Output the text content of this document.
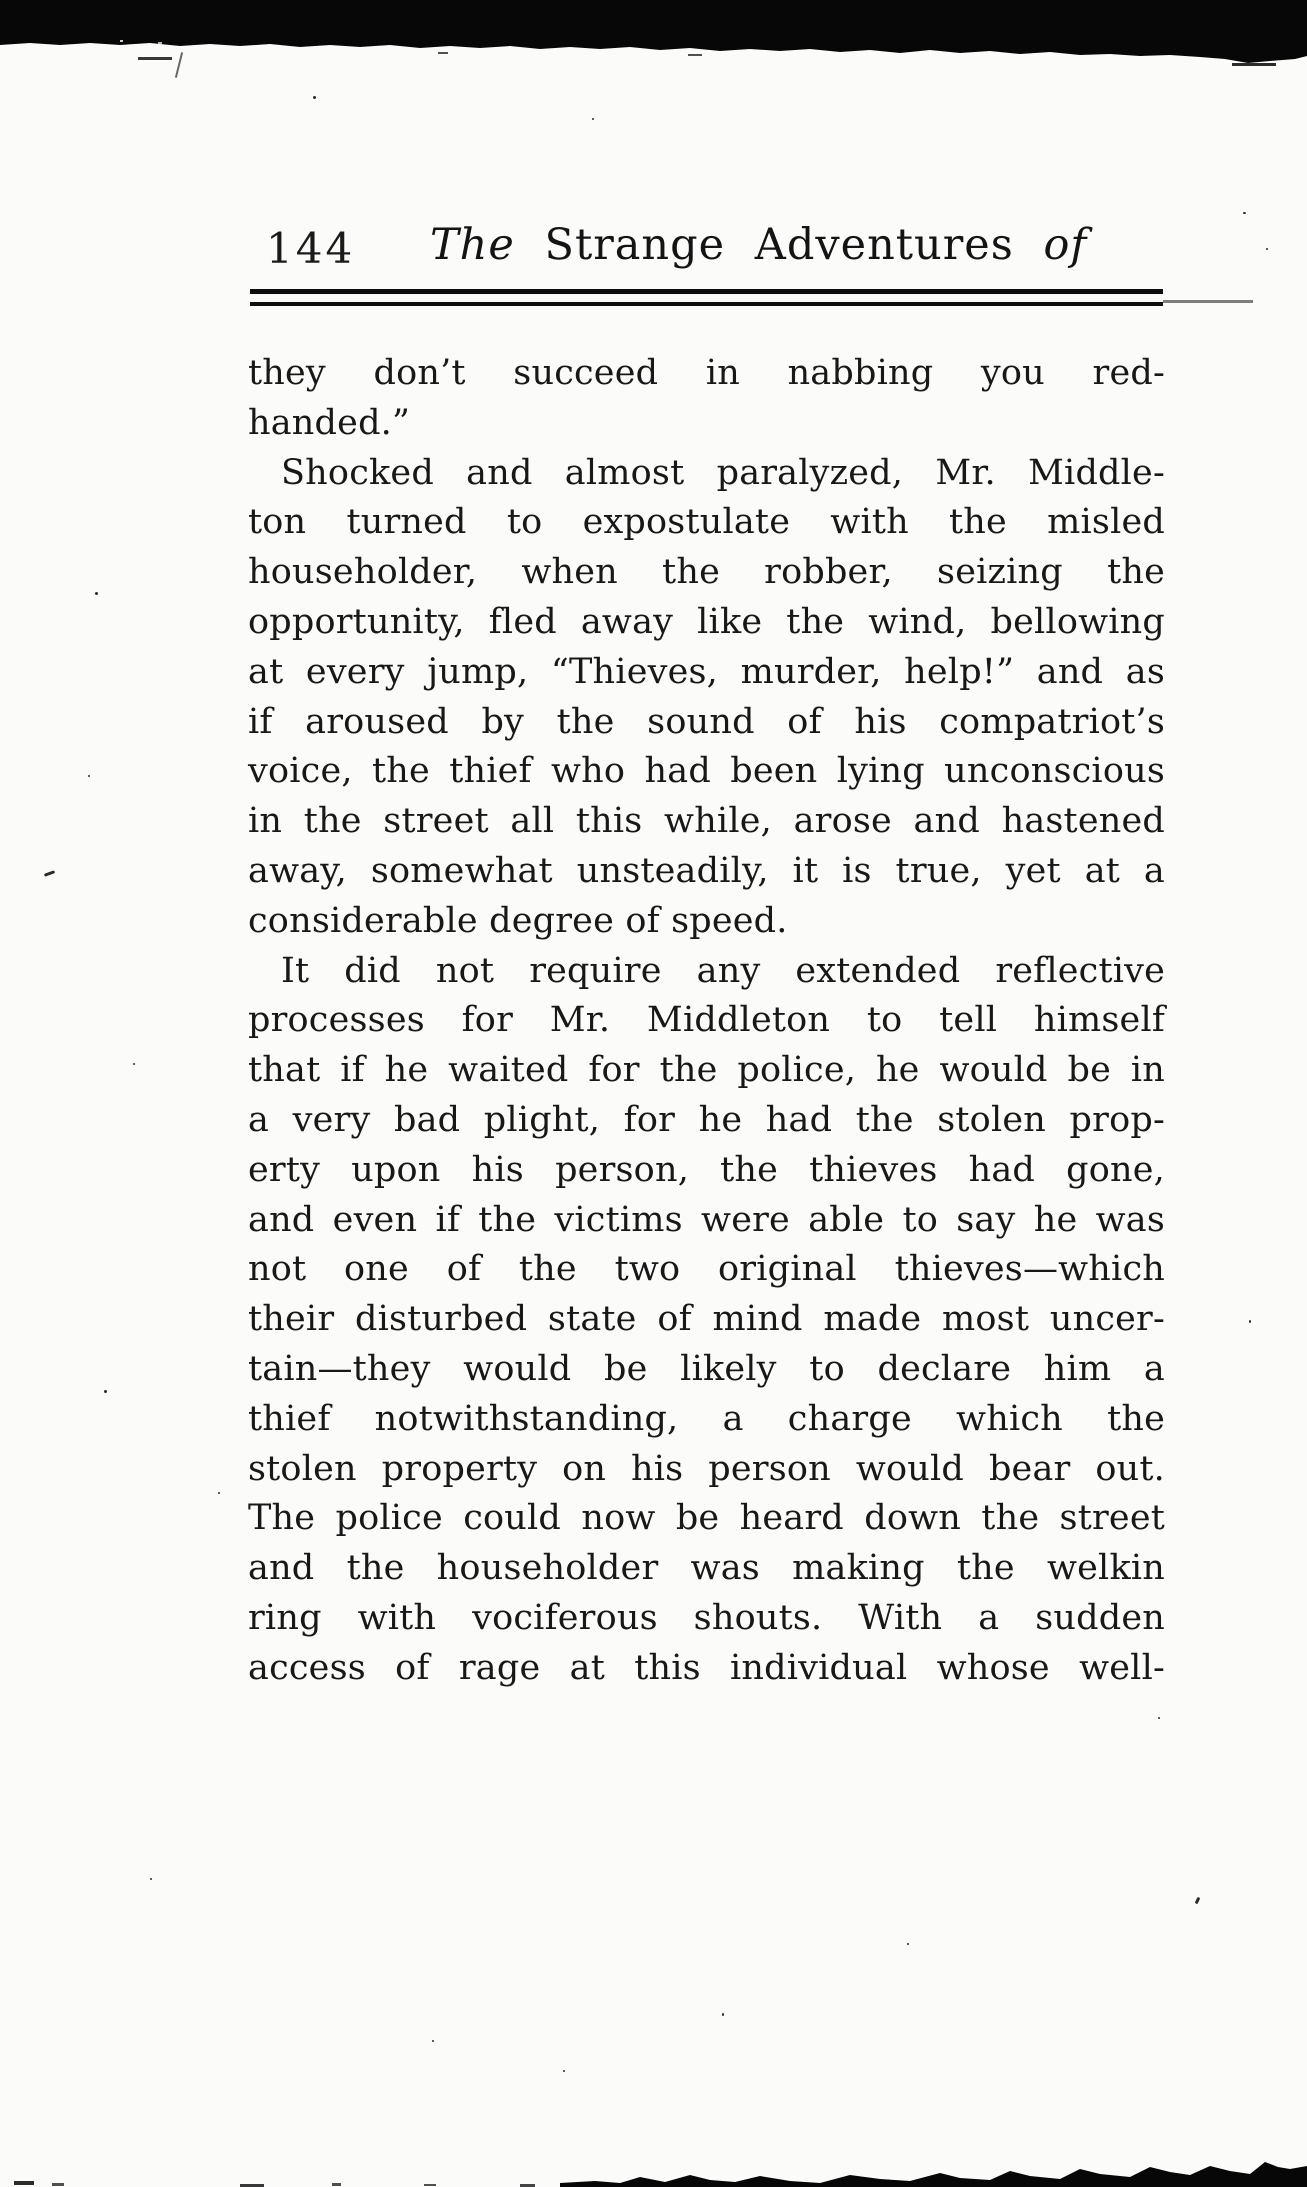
144 The Strange Adventures of
they don’t succeed in nabbing you red-
handed.”
Shocked and almost paralyzed, Mr. Middle-
ton turned to expostulate with the misled
householder, when the robber, seizing the
opportunity, fled away like the wind, bellowing
at every jump, “Thieves, murder, help!” and as
if aroused by the sound of his compatriot’s
voice, the thief who had been lying unconscious
in the street all this while, arose and hastened
away, somewhat unsteadily, it is true, yet at a
considerable degree of speed.
It did not require any extended reflective
processes for Mr. Middleton to tell himself
that if he waited for the police, he would be in
a very bad plight, for he had the stolen prop-
erty upon his person, the thieves had gone,
and even if the victims were able to say he was
not one of the two original thieves—which
their disturbed state of mind made most uncer-
tain—they would be likely to declare him a
thief notwithstanding, a charge which the
stolen property on his person would bear out.
The police could now be heard down the street
and the householder was making the welkin
ring with vociferous shouts. With a sudden
access of rage at this individual whose well-
